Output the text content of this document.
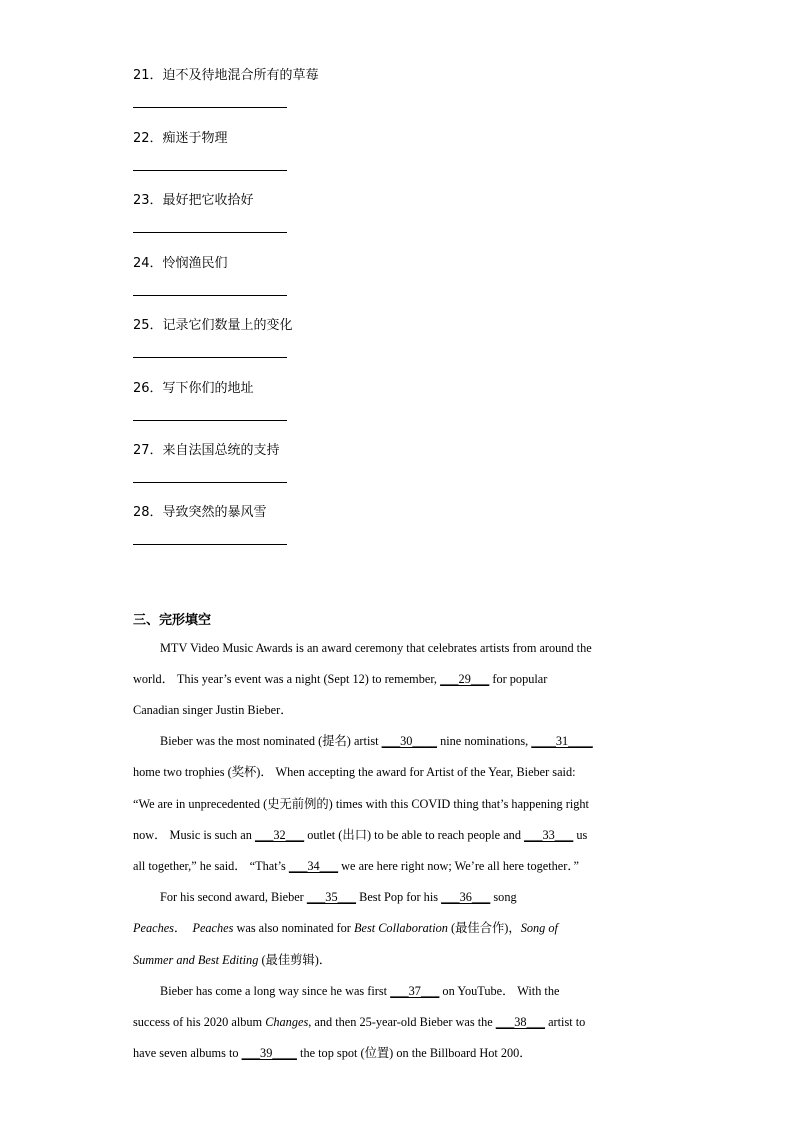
21．迫不及待地混合所有的草莓
22．痴迷于物理
23．最好把它收拾好
24．怜悯渔民们
25．记录它们数量上的变化
26．写下你们的地址
27．来自法国总统的支持
28．导致突然的暴风雪
三、完形填空
MTV Video Music Awards is an award ceremony that celebrates artists from around the
world． This year’s event was a night (Sept 12) to remember,
___29___
for popular
Canadian singer Justin Bieber．
Bieber was the most nominated (提名) artist
___30____
nine nominations,
____31____
home two trophies (奖杯)． When accepting the award for Artist of the Year, Bieber said:
“We are in unprecedented (史无前例的) times with this COVID thing that’s happening right
now． Music is such an
___32___
outlet (出口) to be able to reach people and
___33___
us
all together,” he said． “That’s
___34___
we are here right now; We’re all here together．”
For his second award, Bieber
___35___
Best Pop for his
___36___
song
Peaches ．
Peaches
was also nominated for
Best Collaboration
(最佳合作)， Song of
Summer and Best Editing
(最佳剪辑)．
Bieber has come a long way since he was first
___37___
on YouTube． With the
success of his 2020 album
Changes , and then 25-year-old Bieber was the
___38___
artist to
have seven albums to
___39____
the top spot (位置) on the Billboard Hot 200．
